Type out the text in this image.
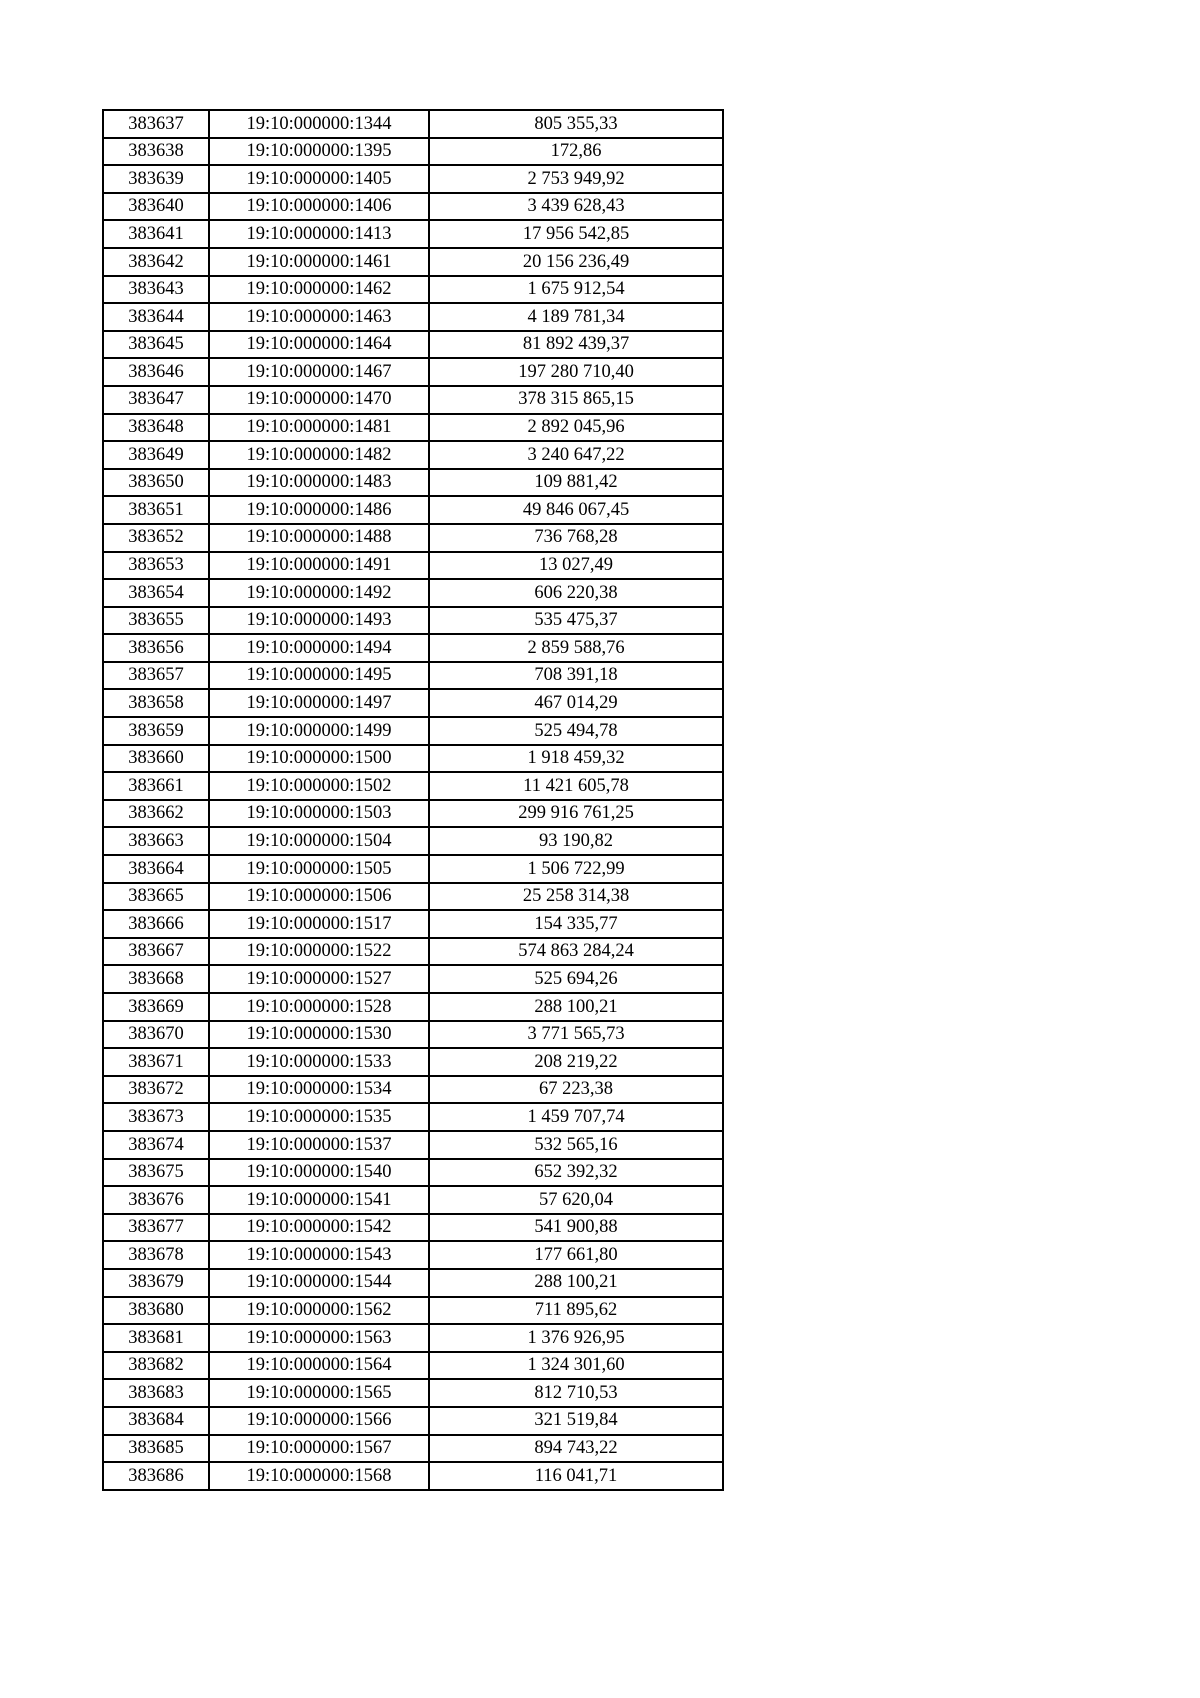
383637	19:10:000000:1344	805 355,33
383638	19:10:000000:1395	172,86
383639	19:10:000000:1405	2 753 949,92
383640	19:10:000000:1406	3 439 628,43
383641	19:10:000000:1413	17 956 542,85
383642	19:10:000000:1461	20 156 236,49
383643	19:10:000000:1462	1 675 912,54
383644	19:10:000000:1463	4 189 781,34
383645	19:10:000000:1464	81 892 439,37
383646	19:10:000000:1467	197 280 710,40
383647	19:10:000000:1470	378 315 865,15
383648	19:10:000000:1481	2 892 045,96
383649	19:10:000000:1482	3 240 647,22
383650	19:10:000000:1483	109 881,42
383651	19:10:000000:1486	49 846 067,45
383652	19:10:000000:1488	736 768,28
383653	19:10:000000:1491	13 027,49
383654	19:10:000000:1492	606 220,38
383655	19:10:000000:1493	535 475,37
383656	19:10:000000:1494	2 859 588,76
383657	19:10:000000:1495	708 391,18
383658	19:10:000000:1497	467 014,29
383659	19:10:000000:1499	525 494,78
383660	19:10:000000:1500	1 918 459,32
383661	19:10:000000:1502	11 421 605,78
383662	19:10:000000:1503	299 916 761,25
383663	19:10:000000:1504	93 190,82
383664	19:10:000000:1505	1 506 722,99
383665	19:10:000000:1506	25 258 314,38
383666	19:10:000000:1517	154 335,77
383667	19:10:000000:1522	574 863 284,24
383668	19:10:000000:1527	525 694,26
383669	19:10:000000:1528	288 100,21
383670	19:10:000000:1530	3 771 565,73
383671	19:10:000000:1533	208 219,22
383672	19:10:000000:1534	67 223,38
383673	19:10:000000:1535	1 459 707,74
383674	19:10:000000:1537	532 565,16
383675	19:10:000000:1540	652 392,32
383676	19:10:000000:1541	57 620,04
383677	19:10:000000:1542	541 900,88
383678	19:10:000000:1543	177 661,80
383679	19:10:000000:1544	288 100,21
383680	19:10:000000:1562	711 895,62
383681	19:10:000000:1563	1 376 926,95
383682	19:10:000000:1564	1 324 301,60
383683	19:10:000000:1565	812 710,53
383684	19:10:000000:1566	321 519,84
383685	19:10:000000:1567	894 743,22
383686	19:10:000000:1568	116 041,71
